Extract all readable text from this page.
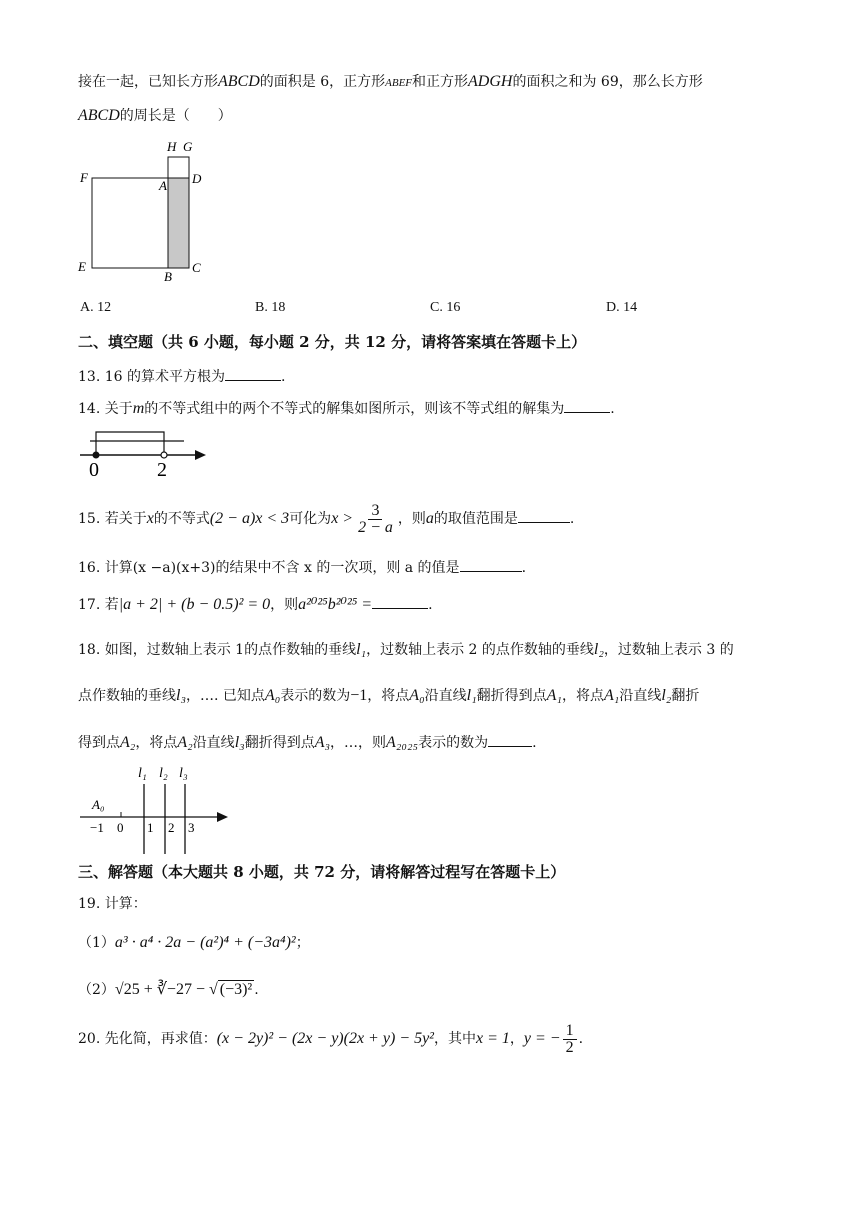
接在一起，已知长方形ABCD的面积是 6，正方形ABEF和正方形ADGH的面积之和为 69，那么长方形
ABCD的周长是（　　）
H G
F
A D
E
B
C
A. 12	B. 18	C. 16	D. 14
二、填空题（共 6 小题，每小题 2 分，共 12 分，请将答案填在答题卡上）
13. 16 的算术平方根为	.
14. 关于m的不等式组中的两个不等式的解集如图所示，则该不等式组的解集为	.
0	2
15. 若关于x的不等式(2 − a)x < 3可化为$x > \frac{3}{2 - a}$ ，则a的取值范围是	.
16. 计算(x −a)(x+3)的结果中不含 x 的一次项，则 a 的值是	.
17. 若|a + 2| + (b − 0.5)² = 0，则a²⁰²⁵b²⁰²⁵ =	.
18. 如图，过数轴上表示 1的点作数轴的垂线l₁，过数轴上表示 2 的点作数轴的垂线l₂，过数轴上表示 3 的
点作数轴的垂线l₃，…. 已知点A₀表示的数为−1，将点A₀沿直线l₁翻折得到点A₁，将点A₁沿直线l₂翻折
得到点A₂，将点A₂沿直线l₃翻折得到点A₃，…，则A₂₀₂₅表示的数为	.
l₁ l₂ l₃
A₀
−1 0 1 2 3
三、解答题（本大题共 8 小题，共 72 分，请将解答过程写在答题卡上）
19. 计算：
（1）a³ · a⁴ · 2a − (a²)⁴ + (−3a⁴)²；
（2）√25 + ∛−27 − √ (−3)² .
20. 先化简，再求值：(x − 2y)² − (2x − y)(2x + y) − 5y²，其中x = 1，y = − $\frac{1}{2}$ .
